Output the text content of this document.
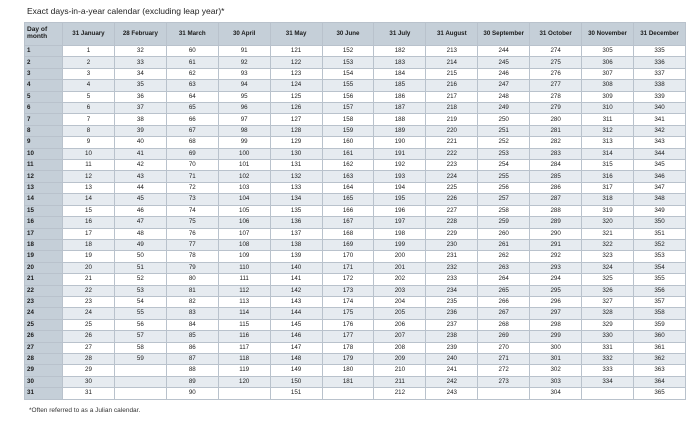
Exact days-in-a-year calendar (excluding leap year)*
Day of month	31 January	28 February	31 March	30 April	31 May	30 June	31 July	31 August	30 September	31 October	30 November	31 December
1	1	32	60	91	121	152	182	213	244	274	305	335
2	2	33	61	92	122	153	183	214	245	275	306	336
3	3	34	62	93	123	154	184	215	246	276	307	337
4	4	35	63	94	124	155	185	216	247	277	308	338
5	5	36	64	95	125	156	186	217	248	278	309	339
6	6	37	65	96	126	157	187	218	249	279	310	340
7	7	38	66	97	127	158	188	219	250	280	311	341
8	8	39	67	98	128	159	189	220	251	281	312	342
9	9	40	68	99	129	160	190	221	252	282	313	343
10	10	41	69	100	130	161	191	222	253	283	314	344
11	11	42	70	101	131	162	192	223	254	284	315	345
12	12	43	71	102	132	163	193	224	255	285	316	346
13	13	44	72	103	133	164	194	225	256	286	317	347
14	14	45	73	104	134	165	195	226	257	287	318	348
15	15	46	74	105	135	166	196	227	258	288	319	349
16	16	47	75	106	136	167	197	228	259	289	320	350
17	17	48	76	107	137	168	198	229	260	290	321	351
18	18	49	77	108	138	169	199	230	261	291	322	352
19	19	50	78	109	139	170	200	231	262	292	323	353
20	20	51	79	110	140	171	201	232	263	293	324	354
21	21	52	80	111	141	172	202	233	264	294	325	355
22	22	53	81	112	142	173	203	234	265	295	326	356
23	23	54	82	113	143	174	204	235	266	296	327	357
24	24	55	83	114	144	175	205	236	267	297	328	358
25	25	56	84	115	145	176	206	237	268	298	329	359
26	26	57	85	116	146	177	207	238	269	299	330	360
27	27	58	86	117	147	178	208	239	270	300	331	361
28	28	59	87	118	148	179	209	240	271	301	332	362
29	29		88	119	149	180	210	241	272	302	333	363
30	30		89	120	150	181	211	242	273	303	334	364
31	31		90		151		212	243		304		365
*Often referred to as a Julian calendar.
